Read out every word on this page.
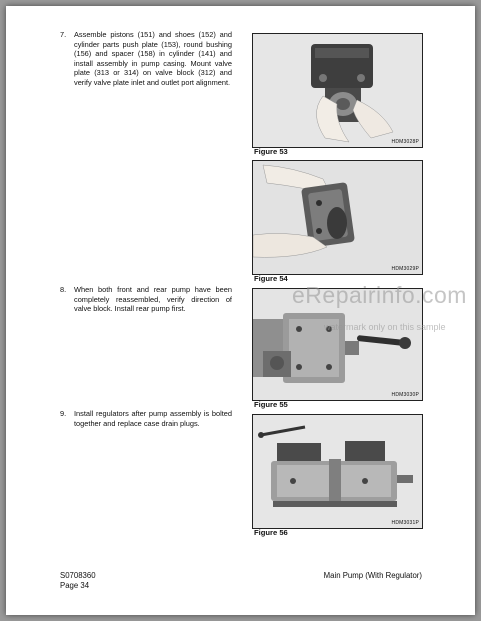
7. Assemble pistons (151) and shoes (152) and cylinder parts push plate (153), round bushing (156) and spacer (158) in cylinder (141) and install assembly in pump casing. Mount valve plate (313 or 314) on valve block (312) and verify valve plate inlet and outlet port alignment.
8. When both front and rear pump have been completely reassembled, verify direction of valve block. Install rear pump first.
9. Install regulators after pump assembly is bolted together and replace case drain plugs.
HDM3028P
Figure 53
HDM3029P
Figure 54
HDM3030P
Figure 55
HDM3031P
Figure 56
eRepairinfo.com
watermark only on this sample
S0708360
Page 34
Main Pump (With Regulator)
